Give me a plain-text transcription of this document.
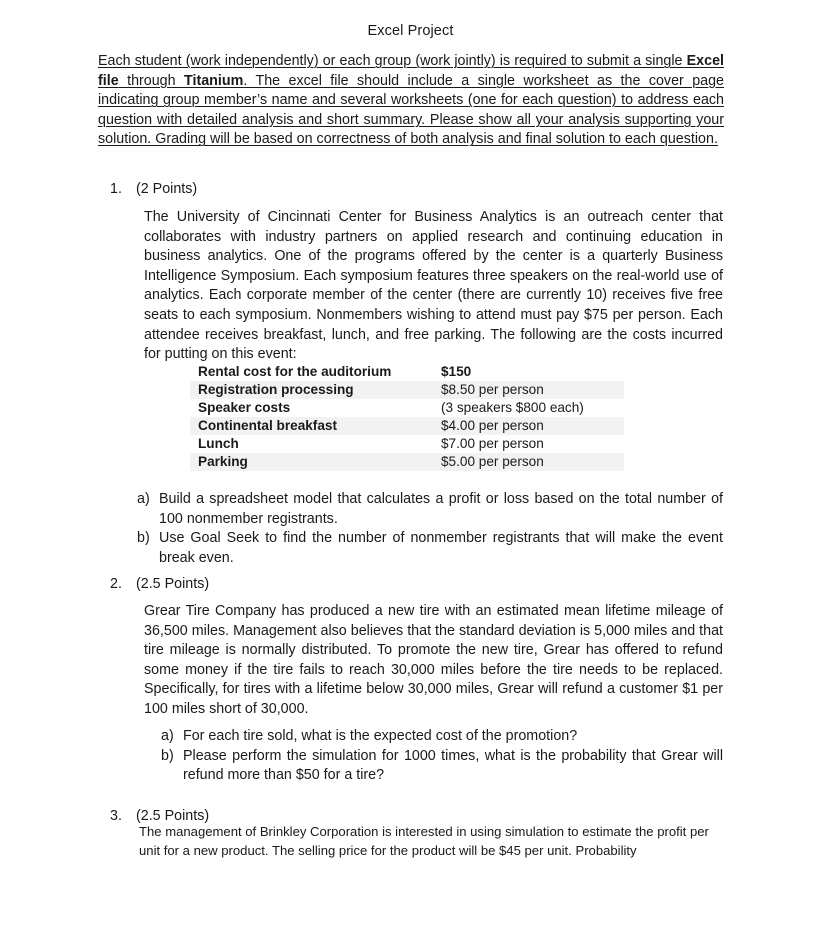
Excel Project
Each student (work independently) or each group (work jointly) is required to submit a single Excel file through Titanium. The excel file should include a single worksheet as the cover page indicating group member’s name and several worksheets (one for each question) to address each question with detailed analysis and short summary. Please show all your analysis supporting your solution. Grading will be based on correctness of both analysis and final solution to each question.
1. (2 Points)
The University of Cincinnati Center for Business Analytics is an outreach center that collaborates with industry partners on applied research and continuing education in business analytics. One of the programs offered by the center is a quarterly Business Intelligence Symposium. Each symposium features three speakers on the real-world use of analytics. Each corporate member of the center (there are currently 10) receives five free seats to each symposium. Nonmembers wishing to attend must pay $75 per person. Each attendee receives breakfast, lunch, and free parking. The following are the costs incurred for putting on this event:
Rental cost for the auditorium	$150
Registration processing	$8.50 per person
Speaker costs	(3 speakers $800 each)
Continental breakfast	$4.00 per person
Lunch	$7.00 per person
Parking	$5.00 per person
a) Build a spreadsheet model that calculates a profit or loss based on the total number of 100 nonmember registrants.
b) Use Goal Seek to find the number of nonmember registrants that will make the event break even.
2. (2.5 Points)
Grear Tire Company has produced a new tire with an estimated mean lifetime mileage of 36,500 miles. Management also believes that the standard deviation is 5,000 miles and that tire mileage is normally distributed. To promote the new tire, Grear has offered to refund some money if the tire fails to reach 30,000 miles before the tire needs to be replaced. Specifically, for tires with a lifetime below 30,000 miles, Grear will refund a customer $1 per 100 miles short of 30,000.
a) For each tire sold, what is the expected cost of the promotion?
b) Please perform the simulation for 1000 times, what is the probability that Grear will refund more than $50 for a tire?
3. (2.5 Points)
The management of Brinkley Corporation is interested in using simulation to estimate the profit per unit for a new product. The selling price for the product will be $45 per unit. Probability
